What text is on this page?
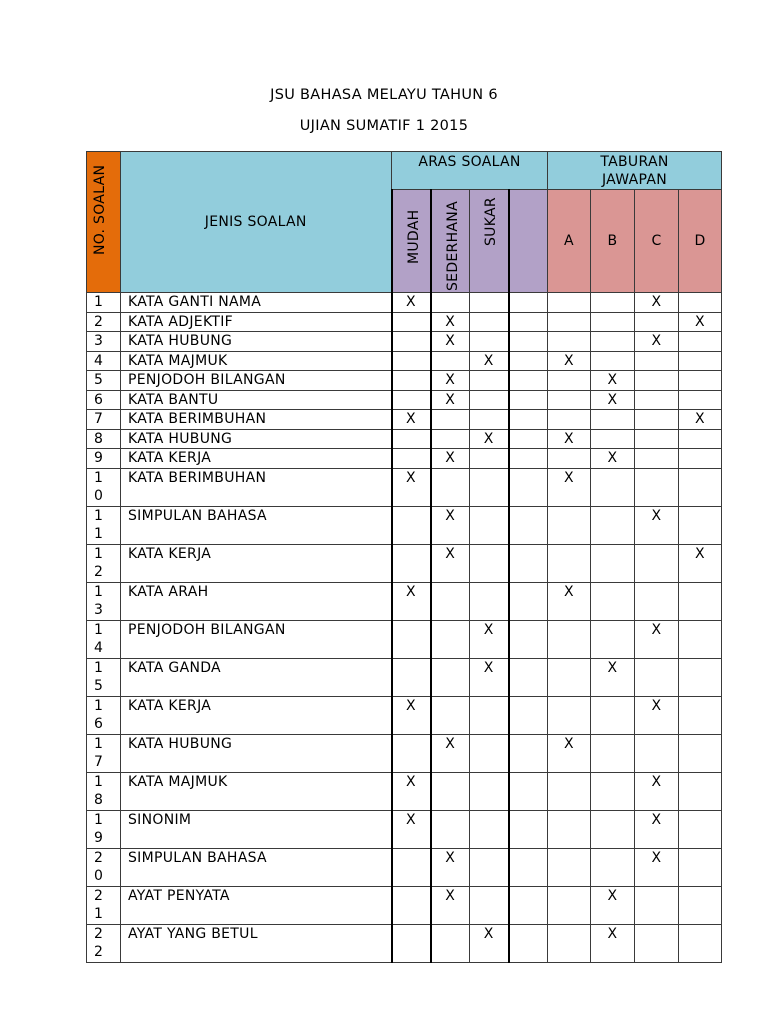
JSU BAHASA MELAYU TAHUN 6
UJIAN SUMATIF 1 2015
NO. SOALAN	JENIS SOALAN	ARAS SOALAN				TABURAN
JAWAPAN			

		MUDAH	SEDERHANA	SUKAR		A	B	C	D
1	KATA GANTI NAMA	X						X	
2	KATA ADJEKTIF		X						X
3	KATA HUBUNG		X					X	
4	KATA MAJMUK			X		X			
5	PENJODOH BILANGAN		X				X		
6	KATA BANTU		X				X		
7	KATA BERIMBUHAN	X							X
8	KATA HUBUNG			X		X			
9	KATA KERJA		X				X		
10	KATA BERIMBUHAN	X				X			
11	SIMPULAN BAHASA		X					X	
12	KATA KERJA		X						X
13	KATA ARAH	X				X			
14	PENJODOH BILANGAN			X				X	
15	KATA GANDA			X			X		
16	KATA KERJA	X						X	
17	KATA HUBUNG		X			X			
18	KATA MAJMUK	X						X	
19	SINONIM	X						X	
20	SIMPULAN BAHASA		X					X	
21	AYAT PENYATA		X				X		
22	AYAT YANG BETUL			X			X		
